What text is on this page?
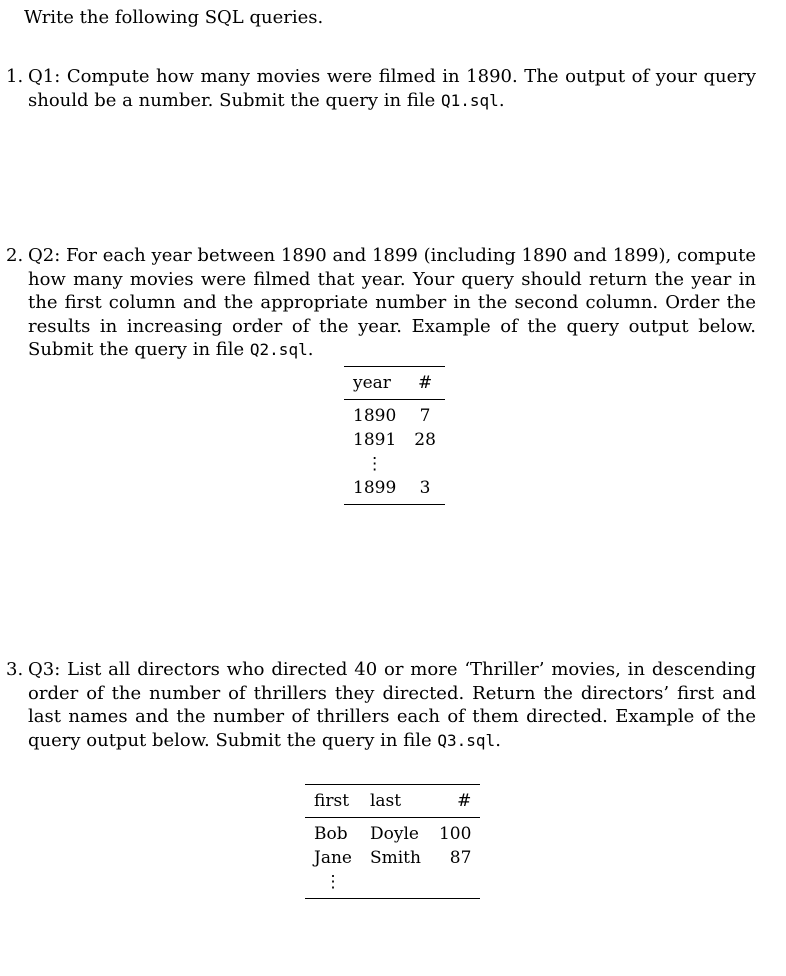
Write the following SQL queries.
1. Q1: Compute how many movies were filmed in 1890. The output of your query should be a number. Submit the query in file Q1.sql.
2. Q2: For each year between 1890 and 1899 (including 1890 and 1899), compute how many movies were filmed that year. Your query should return the year in the first column and the appropriate number in the second column. Order the results in increasing order of the year. Example of the query output below. Submit the query in file Q2.sql.
year	#
1890	7
1891	28
⋮	
1899	3
3. Q3: List all directors who directed 40 or more ‘Thriller’ movies, in descending order of the number of thrillers they directed. Return the directors’ first and last names and the number of thrillers each of them directed. Example of the query output below. Submit the query in file Q3.sql.
first	last	#
Bob	Doyle	100
Jane	Smith	87
⋮		
